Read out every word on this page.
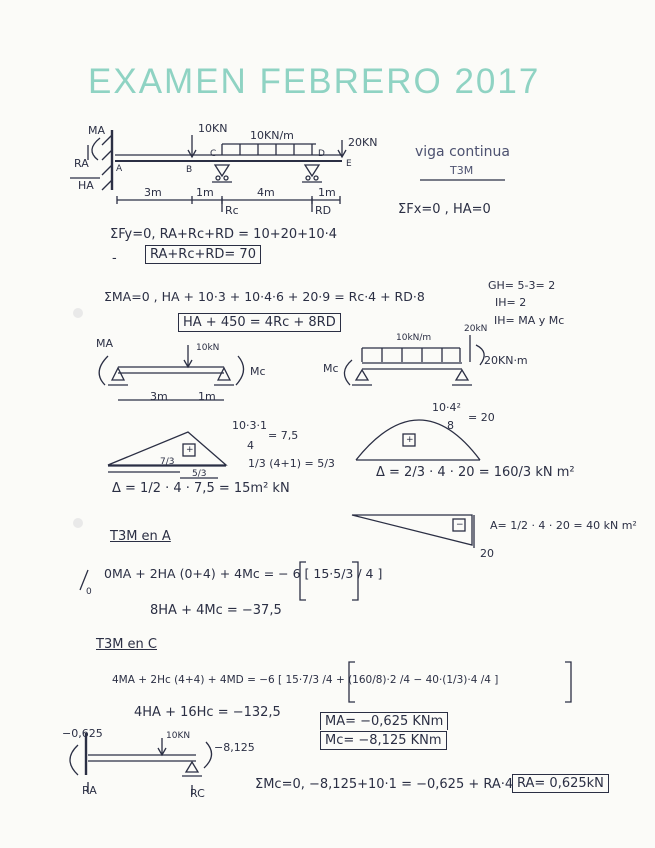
EXAMEN FEBRERO 2017
MA
RA
HA
A	B
C	D
E
10KN
10KN/m
20KN
Rc	RD
3m	1m	4m	1m
viga continua
T3M
ΣFx=0 , HA=0
ΣFy=0, RA+Rc+RD = 10+20+10·4
-	RA+Rc+RD= 70
GH= 5-3= 2
IH= 2
IH= MA y Mc
ΣMA=0 , HA + 10·3 + 10·4·6 + 20·9 = Rc·4 + RD·8
HA + 450 = 4Rc + 8RD
MA	10kN
Mc
3m	1m
Mc
10kN/m
20kN
20KN·m
10·3·1
4
= 7,5
1/3 (4+1) = 5/3
+
7/3
5/3
Δ = 1/2 · 4 · 7,5 = 15m² kN
10·4²
8
= 20
+
Δ = 2/3 · 4 · 20 = 160/3 kN m²
−
20
A= 1/2 · 4 · 20 = 40 kN m²
T3M en A
0MA + 2HA (0+4) + 4Mc = − 6 [ 15·5/3 / 4 ]
0
8HA + 4Mc = −37,5
T3M en C
4MA + 2Hc (4+4) + 4MD = −6 [ 15·7/3 /4 + (160/8)·2 /4 − 40·(1/3)·4 /4 ]
4HA + 16Hc = −132,5
MA= −0,625 KNm
Mc= −8,125 KNm
−0,625	10KN
−8,125
RA	RC
ΣMc=0, −8,125+10·1 = −0,625 + RA·4 RA= 0,625kN
